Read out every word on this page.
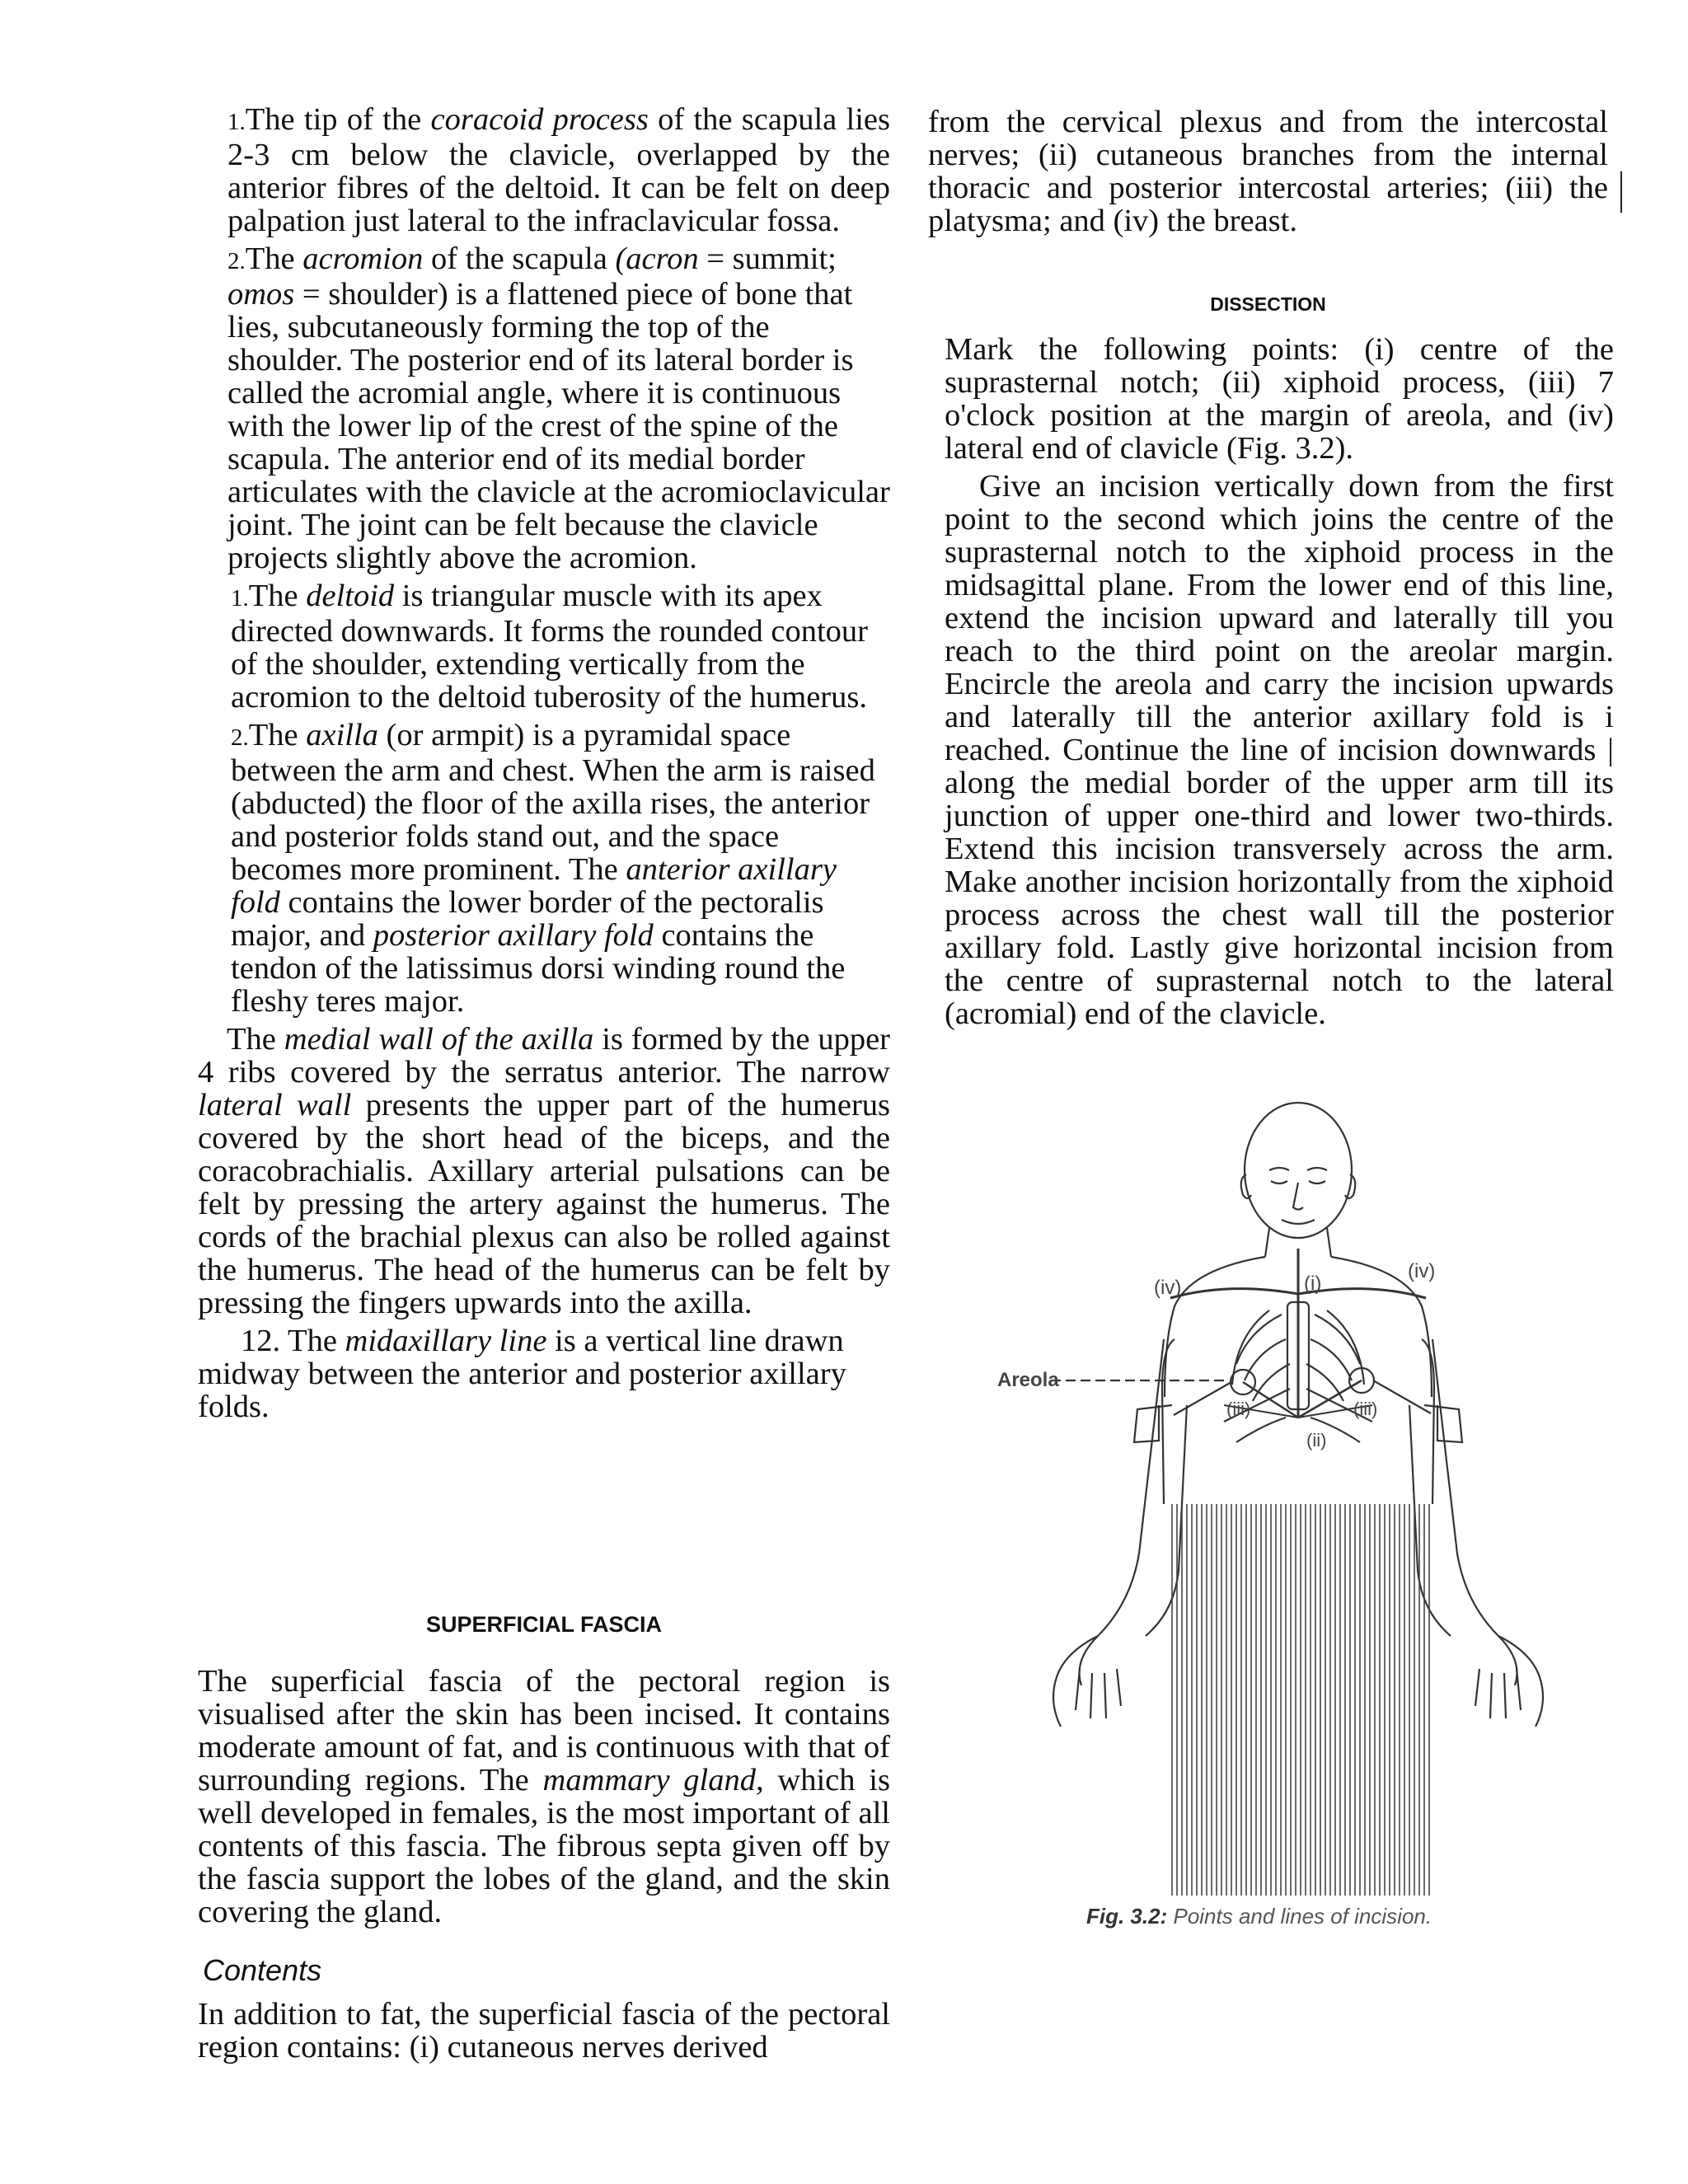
1.The tip of the coracoid process of the scapula lies 2-3 cm below the clavicle, overlapped by the anterior fibres of the deltoid. It can be felt on deep palpation just lateral to the infraclavicular fossa.

2.The acromion of the scapula (acron = summit; omos = shoulder) is a flattened piece of bone that lies, subcutaneously forming the top of the shoulder. The posterior end of its lateral border is called the acromial angle, where it is continuous with the lower lip of the crest of the spine of the scapula. The anterior end of its medial border articulates with the clavicle at the acromioclavicular joint. The joint can be felt because the clavicle projects slightly above the acromion.

1.The deltoid is triangular muscle with its apex directed downwards. It forms the rounded contour of the shoulder, extending vertically from the acromion to the deltoid tuberosity of the humerus.

2.The axilla (or armpit) is a pyramidal space between the arm and chest. When the arm is raised (abducted) the floor of the axilla rises, the anterior and posterior folds stand out, and the space becomes more prominent. The anterior axillary fold contains the lower border of the pectoralis major, and posterior axillary fold contains the tendon of the latissimus dorsi winding round the fleshy teres major.

The medial wall of the axilla is formed by the upper 4 ribs covered by the serratus anterior. The narrow lateral wall presents the upper part of the humerus covered by the short head of the biceps, and the coracobrachialis. Axillary arterial pulsations can be felt by pressing the artery against the humerus. The cords of the brachial plexus can also be rolled against the humerus. The head of the humerus can be felt by pressing the fingers upwards into the axilla.

12. The midaxillary line is a vertical line drawn midway between the anterior and posterior axillary folds.

SUPERFICIAL FASCIA
The superficial fascia of the pectoral region is visualised after the skin has been incised. It contains moderate amount of fat, and is continuous with that of surrounding regions. The mammary gland, which is well developed in females, is the most important of all contents of this fascia. The fibrous septa given off by the fascia support the lobes of the gland, and the skin covering the gland.
Contents
In addition to fat, the superficial fascia of the pectoral region contains: (i) cutaneous nerves derived
from the cervical plexus and from the intercostal nerves; (ii) cutaneous branches from the internal thoracic and posterior intercostal arteries; (iii) the platysma; and (iv) the breast.
DISSECTION

Mark the following points: (i) centre of the suprasternal notch; (ii) xiphoid process, (iii) 7 o'clock position at the margin of areola, and (iv) lateral end of clavicle (Fig. 3.2).

Give an incision vertically down from the first point to the second which joins the centre of the suprasternal notch to the xiphoid process in the midsagittal plane. From the lower end of this line, extend the incision upward and laterally till you reach to the third point on the areolar margin. Encircle the areola and carry the incision upwards and laterally till the anterior axillary fold is i reached. Continue the line of incision downwards | along the medial border of the upper arm till its junction of upper one-third and lower two-thirds. Extend this incision transversely across the arm. Make another incision horizontally from the xiphoid process across the chest wall till the posterior axillary fold. Lastly give horizontal incision from the centre of suprasternal notch to the lateral (acromial) end of the clavicle.

(iv)	(i)
(iv)
Areola
(iii)	(iii)
(ii)
Fig. 3.2: Points and lines of incision.
